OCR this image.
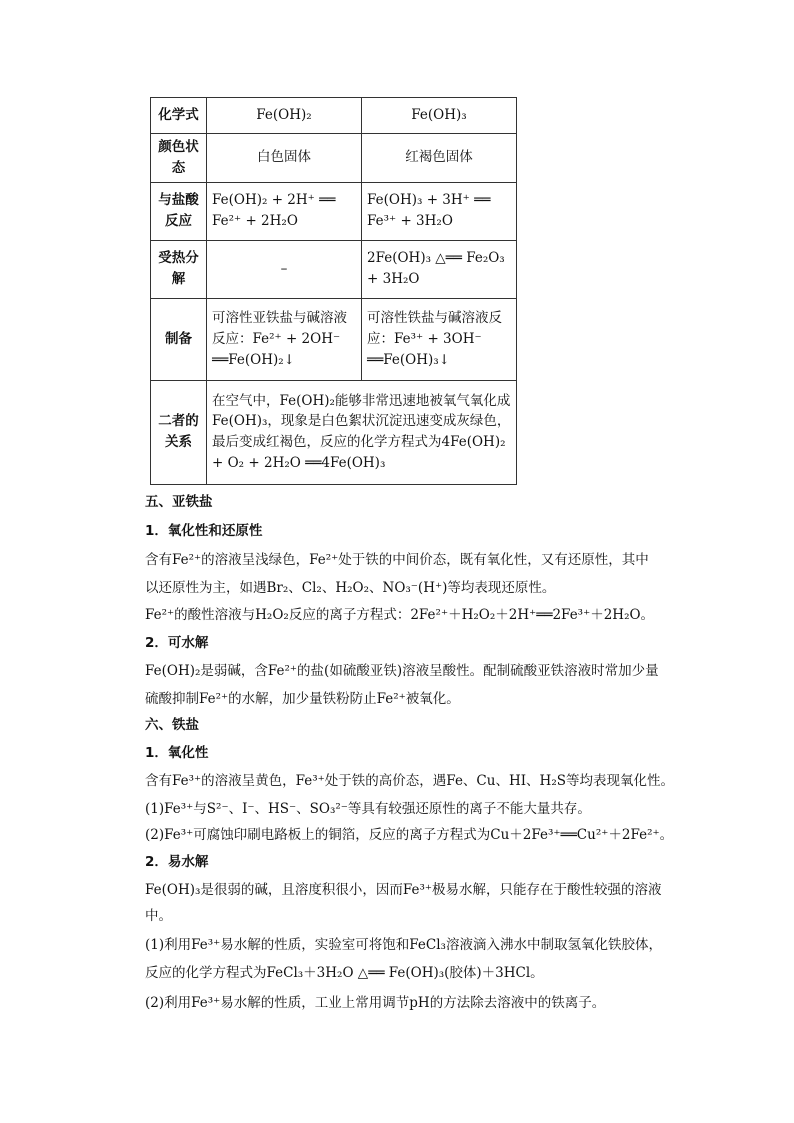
化学式	Fe(OH)₂	Fe(OH)₃
颜色状态	白色固体	红褐色固体
与盐酸反应	Fe(OH)₂ + 2H⁺ ══ Fe²⁺ + 2H₂O	Fe(OH)₃ + 3H⁺ ══ Fe³⁺ + 3H₂O
受热分解	–	2Fe(OH)₃ △══ Fe₂O₃ + 3H₂O
制备	可溶性亚铁盐与碱溶液反应：Fe²⁺ + 2OH⁻ ══Fe(OH)₂↓	可溶性铁盐与碱溶液反应：Fe³⁺ + 3OH⁻ ══Fe(OH)₃↓
二者的关系	在空气中，Fe(OH)₂能够非常迅速地被氧气氧化成Fe(OH)₃，现象是白色絮状沉淀迅速变成灰绿色，最后变成红褐色，反应的化学方程式为4Fe(OH)₂ + O₂ + 2H₂O ══4Fe(OH)₃	
五、亚铁盐
1．氧化性和还原性
含有Fe²⁺的溶液呈浅绿色，Fe²⁺处于铁的中间价态，既有氧化性，又有还原性，其中
以还原性为主，如遇Br₂、Cl₂、H₂O₂、NO₃⁻(H⁺)等均表现还原性。
Fe²⁺的酸性溶液与H₂O₂反应的离子方程式：2Fe²⁺＋H₂O₂＋2H⁺══2Fe³⁺＋2H₂O。
2．可水解
Fe(OH)₂是弱碱，含Fe²⁺的盐(如硫酸亚铁)溶液呈酸性。配制硫酸亚铁溶液时常加少量
硫酸抑制Fe²⁺的水解，加少量铁粉防止Fe²⁺被氧化。
六、铁盐
1．氧化性
含有Fe³⁺的溶液呈黄色，Fe³⁺处于铁的高价态，遇Fe、Cu、HI、H₂S等均表现氧化性。
(1)Fe³⁺与S²⁻、I⁻、HS⁻、SO₃²⁻等具有较强还原性的离子不能大量共存。
(2)Fe³⁺可腐蚀印刷电路板上的铜箔，反应的离子方程式为Cu＋2Fe³⁺══Cu²⁺＋2Fe²⁺。
2．易水解
Fe(OH)₃是很弱的碱，且溶度积很小，因而Fe³⁺极易水解，只能存在于酸性较强的溶液
中。
(1)利用Fe³⁺易水解的性质，实验室可将饱和FeCl₃溶液滴入沸水中制取氢氧化铁胶体，
反应的化学方程式为FeCl₃＋3H₂O △══ Fe(OH)₃(胶体)＋3HCl。
(2)利用Fe³⁺易水解的性质，工业上常用调节pH的方法除去溶液中的铁离子。
